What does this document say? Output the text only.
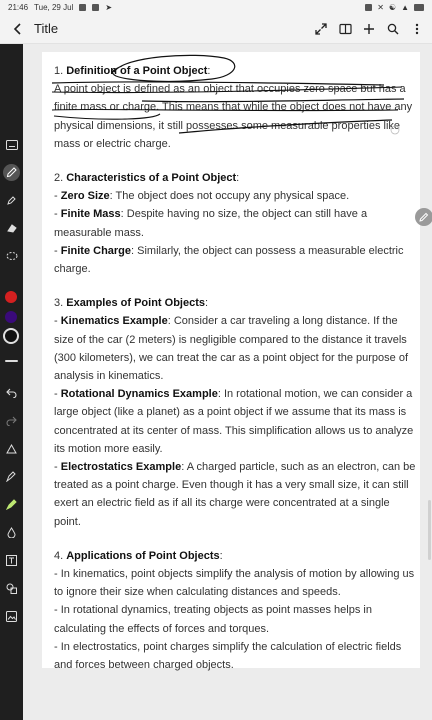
21:46 Tue, 29 Jul	➤	✕ ☯ ▲
Title

1. Definition of a Point Object:

A point object is defined as an object that occupies zero space but has a finite mass or charge. This means that while the object does not have any physical dimensions, it still possesses some measurable properties like mass or electric charge.

2. Characteristics of a Point Object:

- Zero Size: The object does not occupy any physical space.

- Finite Mass: Despite having no size, the object can still have a measurable mass.

- Finite Charge: Similarly, the object can possess a measurable electric charge.

3. Examples of Point Objects:

- Kinematics Example: Consider a car traveling a long distance. If the size of the car (2 meters) is negligible compared to the distance it travels (300 kilometers), we can treat the car as a point object for the purpose of analysis in kinematics.

- Rotational Dynamics Example: In rotational motion, we can consider a large object (like a planet) as a point object if we assume that its mass is concentrated at its center of mass. This simplification allows us to analyze its motion more easily.

- Electrostatics Example: A charged particle, such as an electron, can be treated as a point charge. Even though it has a very small size, it can still exert an electric field as if all its charge were concentrated at a single point.

4. Applications of Point Objects:

- In kinematics, point objects simplify the analysis of motion by allowing us to ignore their size when calculating distances and speeds.

- In rotational dynamics, treating objects as point masses helps in calculating the effects of forces and torques.

- In electrostatics, point charges simplify the calculation of electric fields and forces between charged objects.
